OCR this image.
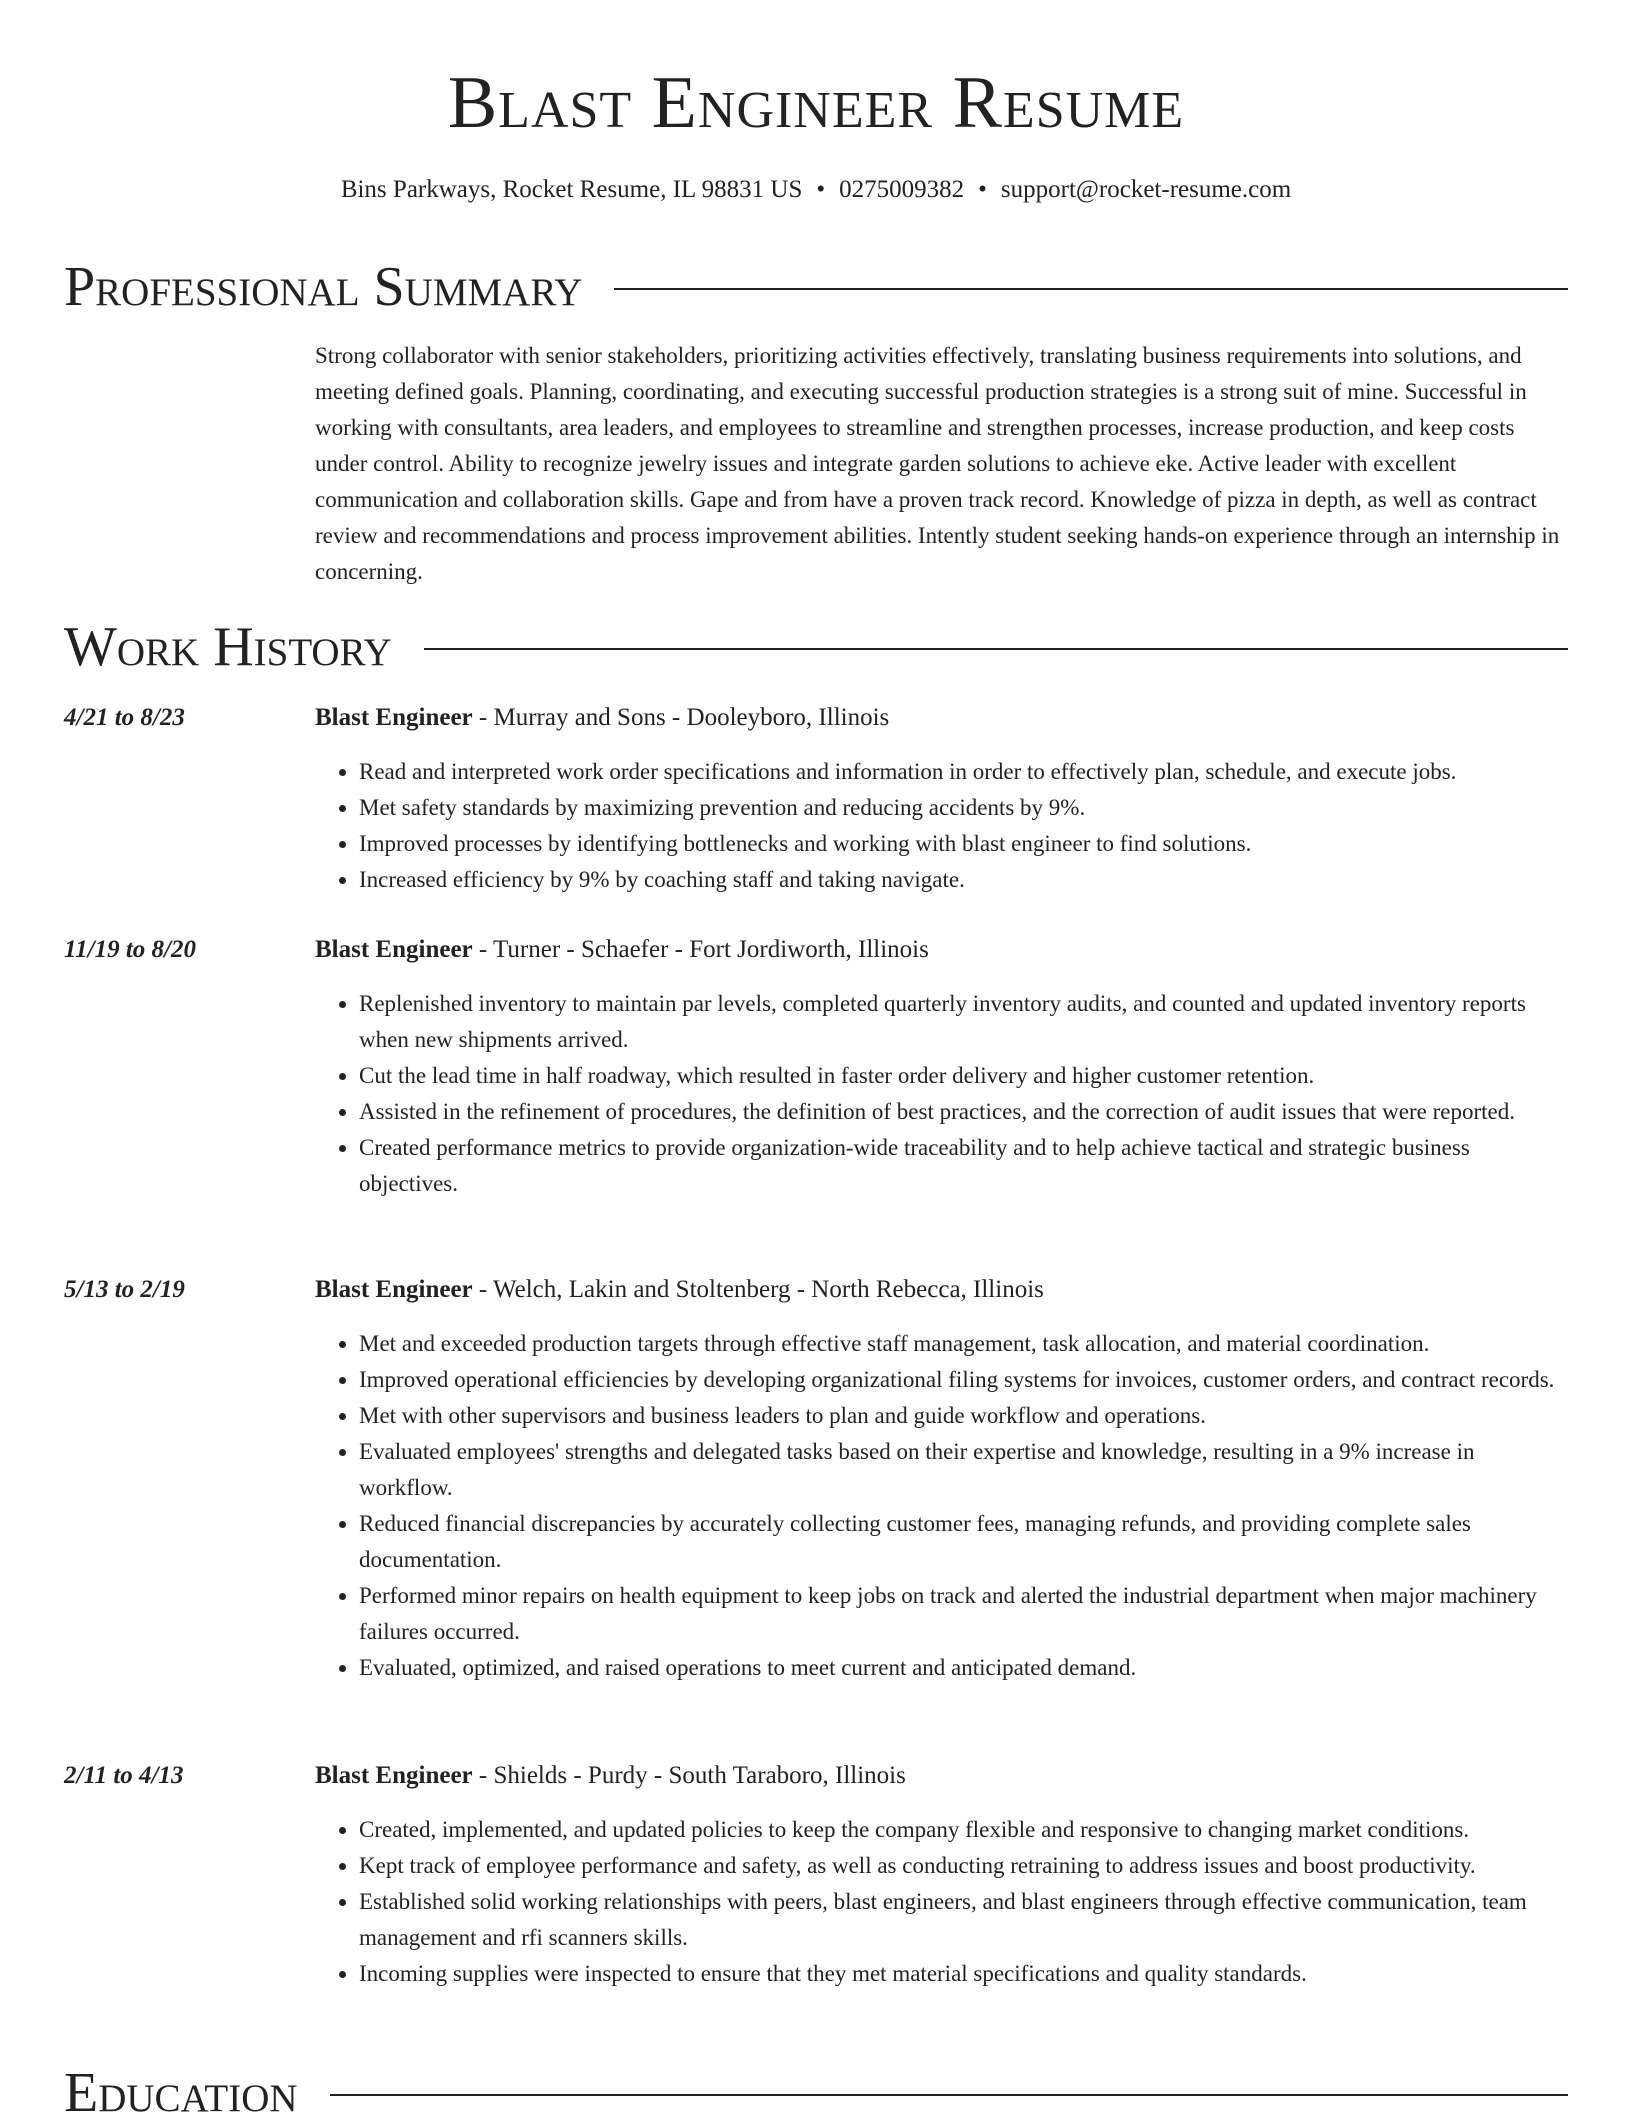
Blast Engineer Resume
Bins Parkways, Rocket Resume, IL 98831 US • 0275009382 • support@rocket-resume.com
Professional Summary
Strong collaborator with senior stakeholders, prioritizing activities effectively, translating business requirements into solutions, and meeting defined goals. Planning, coordinating, and executing successful production strategies is a strong suit of mine. Successful in working with consultants, area leaders, and employees to streamline and strengthen processes, increase production, and keep costs under control. Ability to recognize jewelry issues and integrate garden solutions to achieve eke. Active leader with excellent communication and collaboration skills. Gape and from have a proven track record. Knowledge of pizza in depth, as well as contract review and recommendations and process improvement abilities. Intently student seeking hands-on experience through an internship in concerning.
Work History
4/21 to 8/23	Blast Engineer - Murray and Sons - Dooleyboro, Illinois
• Read and interpreted work order specifications and information in order to effectively plan, schedule, and execute jobs.
• Met safety standards by maximizing prevention and reducing accidents by 9%.
• Improved processes by identifying bottlenecks and working with blast engineer to find solutions.
• Increased efficiency by 9% by coaching staff and taking navigate.
11/19 to 8/20	Blast Engineer - Turner - Schaefer - Fort Jordiworth, Illinois
• Replenished inventory to maintain par levels, completed quarterly inventory audits, and counted and updated inventory reports when new shipments arrived.
• Cut the lead time in half roadway, which resulted in faster order delivery and higher customer retention.
• Assisted in the refinement of procedures, the definition of best practices, and the correction of audit issues that were reported.
• Created performance metrics to provide organization-wide traceability and to help achieve tactical and strategic business objectives.
5/13 to 2/19	Blast Engineer - Welch, Lakin and Stoltenberg - North Rebecca, Illinois
• Met and exceeded production targets through effective staff management, task allocation, and material coordination.
• Improved operational efficiencies by developing organizational filing systems for invoices, customer orders, and contract records.
• Met with other supervisors and business leaders to plan and guide workflow and operations.
• Evaluated employees' strengths and delegated tasks based on their expertise and knowledge, resulting in a 9% increase in workflow.
• Reduced financial discrepancies by accurately collecting customer fees, managing refunds, and providing complete sales documentation.
• Performed minor repairs on health equipment to keep jobs on track and alerted the industrial department when major machinery failures occurred.
• Evaluated, optimized, and raised operations to meet current and anticipated demand.
2/11 to 4/13	Blast Engineer - Shields - Purdy - South Taraboro, Illinois
• Created, implemented, and updated policies to keep the company flexible and responsive to changing market conditions.
• Kept track of employee performance and safety, as well as conducting retraining to address issues and boost productivity.
• Established solid working relationships with peers, blast engineers, and blast engineers through effective communication, team management and rfi scanners skills.
• Incoming supplies were inspected to ensure that they met material specifications and quality standards.
Education
